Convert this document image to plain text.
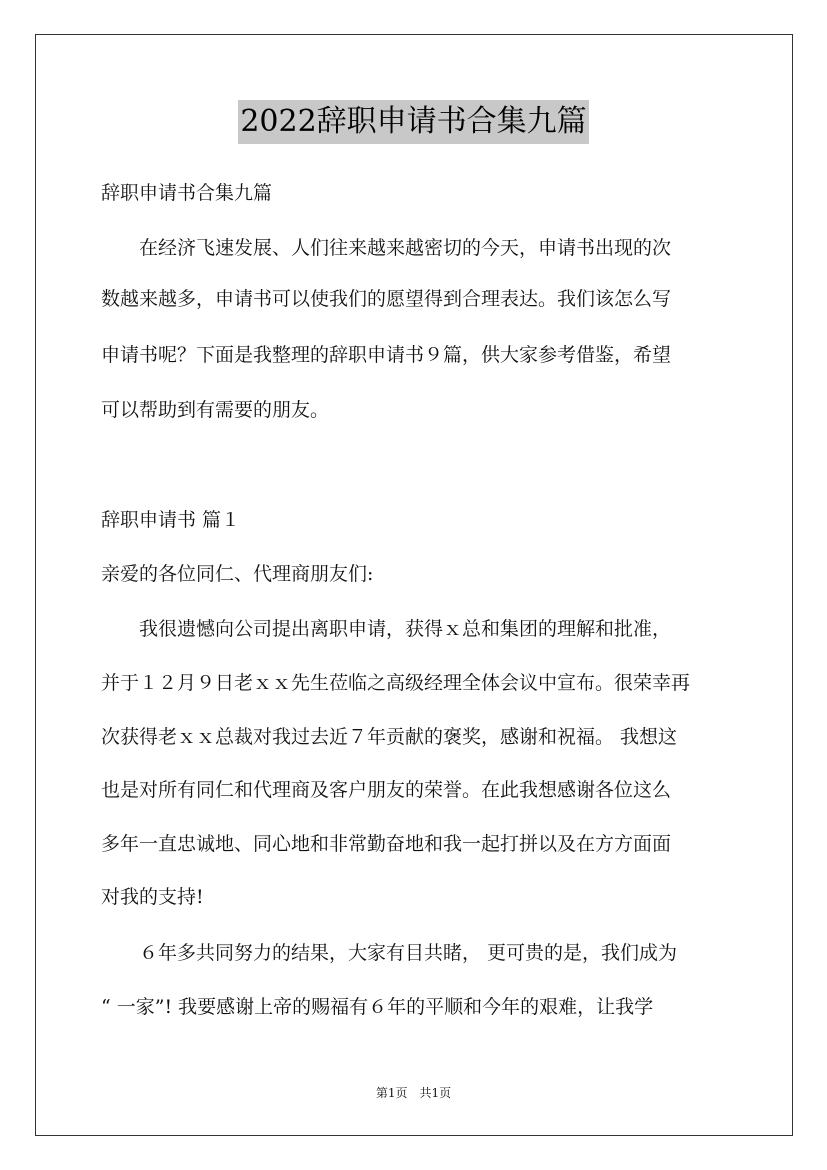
2022辞职申请书合集九篇
辞职申请书合集九篇
　　在经济飞速发展、人们往来越来越密切的今天，申请书出现的次
数越来越多，申请书可以使我们的愿望得到合理表达。我们该怎么写
申请书呢？下面是我整理的辞职申请书９篇，供大家参考借鉴，希望
可以帮助到有需要的朋友。
辞职申请书 篇１
亲爱的各位同仁、代理商朋友们:
　　我很遗憾向公司提出离职申请，获得ｘ总和集团的理解和批准，
并于１２月９日老ｘｘ先生莅临之高级经理全体会议中宣布。很荣幸再
次获得老ｘｘ总裁对我过去近７年贡献的褒奖，感谢和祝福。 我想这
也是对所有同仁和代理商及客户朋友的荣誉。在此我想感谢各位这么
多年一直忠诚地、同心地和非常勤奋地和我一起打拼以及在方方面面
对我的支持!
　　６年多共同努力的结果，大家有目共睹， 更可贵的是，我们成为
“ 一家”! 我要感谢上帝的赐福有６年的平顺和今年的艰难，让我学
第1页　共1页
